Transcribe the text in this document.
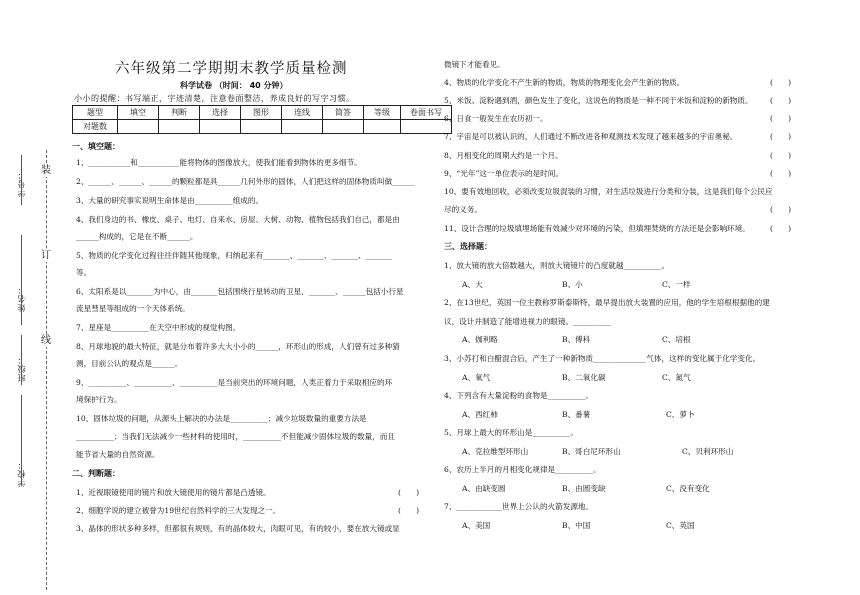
装
订
线
学号：
姓名：
班级：
学校：
六年级第二学期期末教学质量检测
科学试卷 （时间： 40 分钟）
小小的提醒：书写端正，字迹清楚，注意卷面整洁，养成良好的写字习惯。
题型	填空	判断	选择	图形	连线	简答	等级	卷面书写
对题数								
一、填空题：
1、___________和___________能将物体的图像放大，使我们能看到物体的更多细节。
2、______、______、______的颗粒都是具______几何外形的固体，人们把这样的固体物质叫做______
3、大量的研究事实说明生命体是由__________组成的。
4、我们身边的书、橡皮、桌子、电灯、自来水、房屋、大树、动物、植物包括我们自己，都是由
______构成的，它是在不断______。
5、物质的化学变化过程往往伴随其他现象，归纳起来有_______、_______、_______、_______
等。
6、太阳系是以_______为中心，由_______包括围绕行星转动的卫星、_______、______包括小行星
流星彗星等组成的一个天体系统。
7、星座是__________在天空中形成的视觉构图。
8、月球地貌的最大特征，就是分布着许多大大小小的______，环形山的形成，人们曾有过多种猜
测，目前公认的观点是______。
9、__________、__________、__________是当前突出的环境问题，人类正着力于采取相应的环
境保护行为。
10、固体垃圾的问题，从源头上解决的办法是__________；减少垃圾数量的重要方法是
__________；当我们无法减少一些材料的使用时，__________不但能减少固体垃圾的数量，而且
能节省大量的自然资源。
二、判断题：
1、近视眼镜使用的镜片和放大镜使用的镜片都是凸透镜。	(　　)
2、细胞学说的建立被誉为19世纪自然科学的三大发现之一。	(　　)
3、晶体的形状多种多样，但都很有规则，有的晶体较大，肉眼可见，有的较小，要在放大镜或显
微镜下才能看见。
4、物质的化学变化不产生新的物质，物质的物理变化会产生新的物质。	(　　)
5、米饭、淀粉遇到酒，颜色发生了变化，这说色的物质是一种不同于米饭和淀粉的新物质。 (　　)
6、日食一般发生在农历初一。	(　　)
7、宇宙是可以被认识的，人们通过不断改进各种观测技术发现了越来越多的宇宙奥秘。	(　　)
8、月相变化的周期大约是一个月。	(　　)
9、“光年”这一单位表示的是时间。	(　　)
10、要有效地回收，必须改变垃圾混装的习惯，对生活垃圾进行分类和分装，这是我们每个公民应
尽的义务。	(　　)
11、设计合理的垃圾填埋场能有效减少对环境的污染，但填埋焚烧的方法还是会影响环境。	(　　)
三、选择题：
1、放大镜的放大倍数越大，则放大镜镜片的凸度就越__________。
A、大	B、小	C、一样
2、在13世纪，英国一位主教称罗斯泰斯特，最早提出放大装置的应用，他的学生培根根据他的建
议，设计并制造了能增进视力的眼镜。__________
A、伽利略	B、傅科	C、培根
3、小苏打和白醋混合后，产生了一种新物质______________气体，这样的变化属于化学变化。
A、氧气	B、二氧化碳	C、氮气
4、下列含有大量淀粉的食物是__________。
A、西红柿	B、番薯	C、萝卜
5、月球上最大的环形山是__________。
A、克拉维型环形山	B、哥白尼环形山	C、贝利环形山
6、农历上半月的月相变化规律是__________。
A、由缺变圆	B、由圆变缺	C、没有变化
7、____________世界上公认的火箭发源地。
A、美国	B、中国	C、英国
